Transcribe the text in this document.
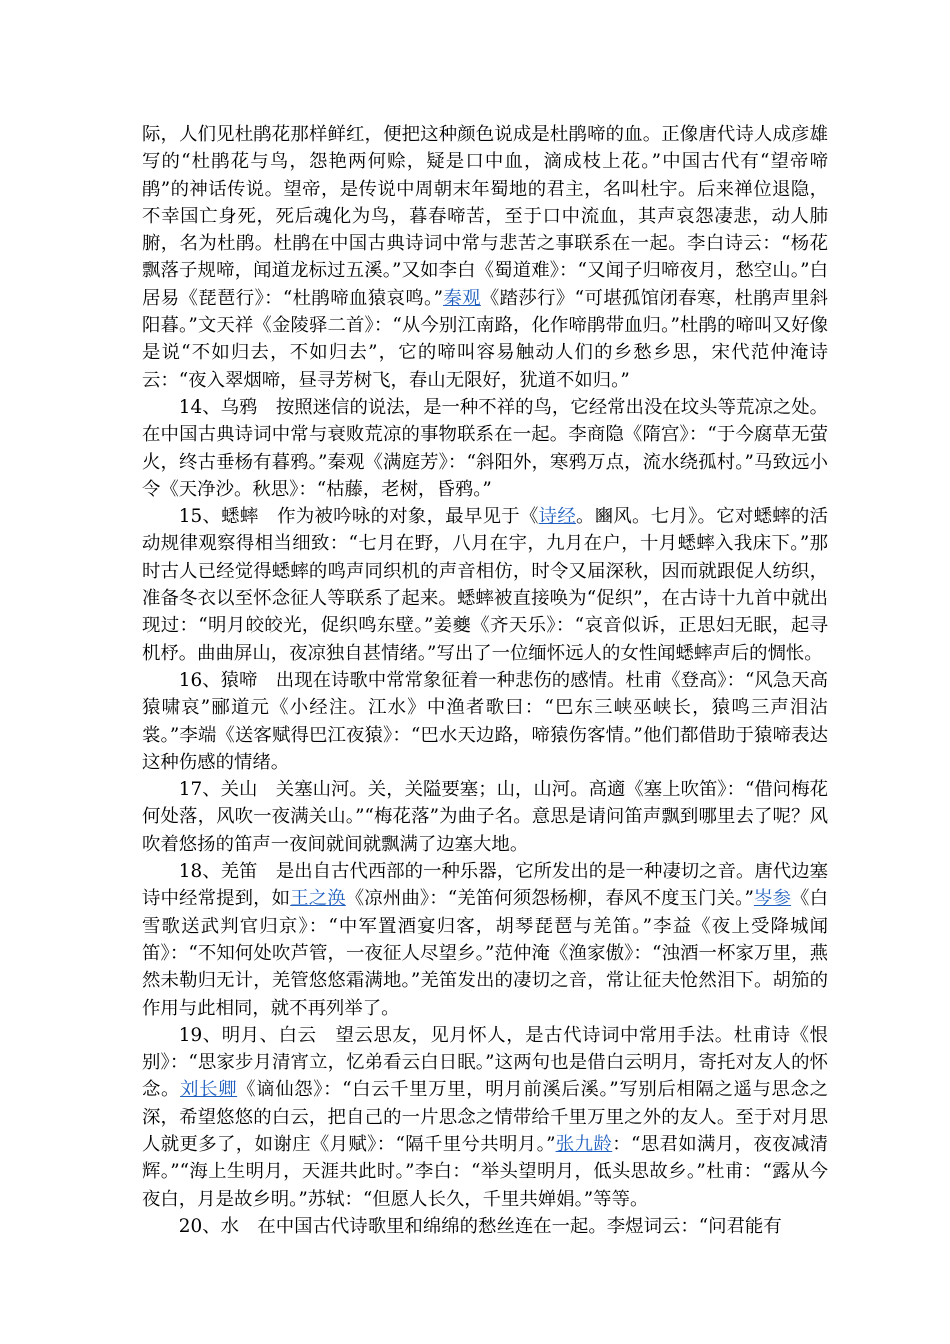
际，人们见杜鹃花那样鲜红，便把这种颜色说成是杜鹃啼的血。正像唐代诗人成彦雄写的“杜鹃花与鸟，怨艳两何赊，疑是口中血，滴成枝上花。”中国古代有“望帝啼鹃”的神话传说。望帝，是传说中周朝末年蜀地的君主，名叫杜宇。后来禅位退隐，不幸国亡身死，死后魂化为鸟，暮春啼苦，至于口中流血，其声哀怨凄悲，动人肺腑，名为杜鹃。杜鹃在中国古典诗词中常与悲苦之事联系在一起。李白诗云：“杨花飘落子规啼，闻道龙标过五溪。”又如李白《蜀道难》：“又闻子归啼夜月，愁空山。”白居易《琵琶行》：“杜鹃啼血猿哀鸣。”秦观《踏莎行》“可堪孤馆闭春寒，杜鹃声里斜阳暮。”文天祥《金陵驿二首》：“从今别江南路，化作啼鹃带血归。”杜鹃的啼叫又好像是说“不如归去，不如归去”，它的啼叫容易触动人们的乡愁乡思，宋代范仲淹诗云：“夜入翠烟啼，昼寻芳树飞，春山无限好，犹道不如归。”

14、乌鸦　按照迷信的说法，是一种不祥的鸟，它经常出没在坟头等荒凉之处。在中国古典诗词中常与衰败荒凉的事物联系在一起。李商隐《隋宫》：“于今腐草无萤火，终古垂杨有暮鸦。”秦观《满庭芳》：“斜阳外，寒鸦万点，流水绕孤村。”马致远小令《天净沙。秋思》：“枯藤，老树，昏鸦。”

15、蟋蟀　作为被吟咏的对象，最早见于《诗经。豳风。七月》。它对蟋蟀的活动规律观察得相当细致：“七月在野，八月在宇，九月在户，十月蟋蟀入我床下。”那时古人已经觉得蟋蟀的鸣声同织机的声音相仿，时令又届深秋，因而就跟促人纺织，准备冬衣以至怀念征人等联系了起来。蟋蟀被直接唤为“促织”，在古诗十九首中就出现过：“明月皎皎光，促织鸣东壁。”姜夔《齐天乐》：“哀音似诉，正思妇无眠，起寻机杼。曲曲屏山，夜凉独自甚情绪。”写出了一位缅怀远人的女性闻蟋蟀声后的惆怅。

16、猿啼　出现在诗歌中常常象征着一种悲伤的感情。杜甫《登高》：“风急天高猿啸哀”郦道元《小经注。江水》中渔者歌曰：“巴东三峡巫峡长，猿鸣三声泪沾裳。”李端《送客赋得巴江夜猿》：“巴水天边路，啼猿伤客情。”他们都借助于猿啼表达这种伤感的情绪。

17、关山　关塞山河。关，关隘要塞；山，山河。高適《塞上吹笛》：“借问梅花何处落，风吹一夜满关山。”“梅花落”为曲子名。意思是请问笛声飘到哪里去了呢？风吹着悠扬的笛声一夜间就间就飘满了边塞大地。

18、羌笛　是出自古代西部的一种乐器，它所发出的是一种凄切之音。唐代边塞诗中经常提到，如王之涣《凉州曲》：“羌笛何须怨杨柳，春风不度玉门关。”岑参《白雪歌送武判官归京》：“中军置酒宴归客，胡琴琵琶与羌笛。”李益《夜上受降城闻笛》：“不知何处吹芦管，一夜征人尽望乡。”范仲淹《渔家傲》：“浊酒一杯家万里，燕然未勒归无计，羌管悠悠霜满地。”羌笛发出的凄切之音，常让征夫怆然泪下。胡笳的作用与此相同，就不再列举了。

19、明月、白云　望云思友，见月怀人，是古代诗词中常用手法。杜甫诗《恨别》：“思家步月清宵立，忆弟看云白日眠。”这两句也是借白云明月，寄托对友人的怀念。刘长卿《谪仙怨》：“白云千里万里，明月前溪后溪。”写别后相隔之遥与思念之深，希望悠悠的白云，把自己的一片思念之情带给千里万里之外的友人。至于对月思人就更多了，如谢庄《月赋》：“隔千里兮共明月。”张九龄：“思君如满月，夜夜减清辉。”“海上生明月，天涯共此时。”李白：“举头望明月，低头思故乡。”杜甫：“露从今夜白，月是故乡明。”苏轼：“但愿人长久，千里共婵娟。”等等。

20、水　在中国古代诗歌里和绵绵的愁丝连在一起。李煜词云：“问君能有
